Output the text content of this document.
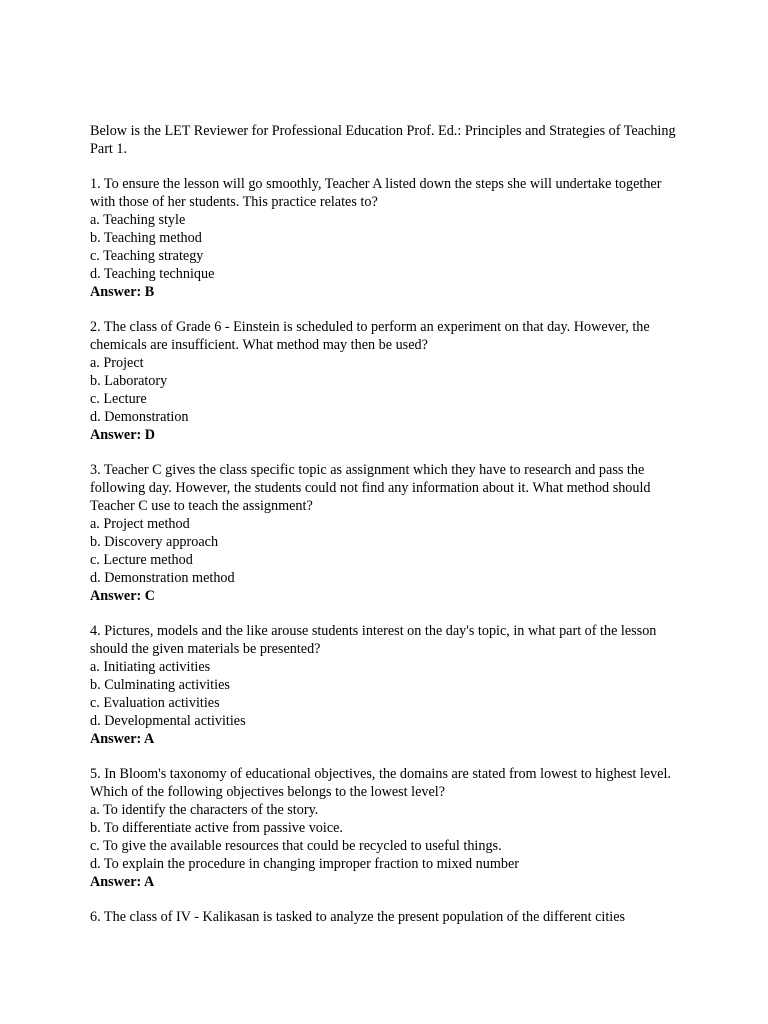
Below is the LET Reviewer for Professional Education Prof. Ed.: Principles and Strategies of Teaching Part 1.

1. To ensure the lesson will go smoothly, Teacher A listed down the steps she will undertake together with those of her students. This practice relates to?
a. Teaching style
b. Teaching method
c. Teaching strategy
d. Teaching technique
Answer: B
2. The class of Grade 6 - Einstein is scheduled to perform an experiment on that day. However, the chemicals are insufficient. What method may then be used?
a. Project
b. Laboratory
c. Lecture
d. Demonstration
Answer: D
3. Teacher C gives the class specific topic as assignment which they have to research and pass the following day. However, the students could not find any information about it. What method should Teacher C use to teach the assignment?
a. Project method
b. Discovery approach
c. Lecture method
d. Demonstration method
Answer: C
4. Pictures, models and the like arouse students interest on the day's topic, in what part of the lesson should the given materials be presented?
a. Initiating activities
b. Culminating activities
c. Evaluation activities
d. Developmental activities
Answer: A
5. In Bloom's taxonomy of educational objectives, the domains are stated from lowest to highest level. Which of the following objectives belongs to the lowest level?
a. To identify the characters of the story.
b. To differentiate active from passive voice.
c. To give the available resources that could be recycled to useful things.
d. To explain the procedure in changing improper fraction to mixed number
Answer: A

6. The class of IV - Kalikasan is tasked to analyze the present population of the different cities
